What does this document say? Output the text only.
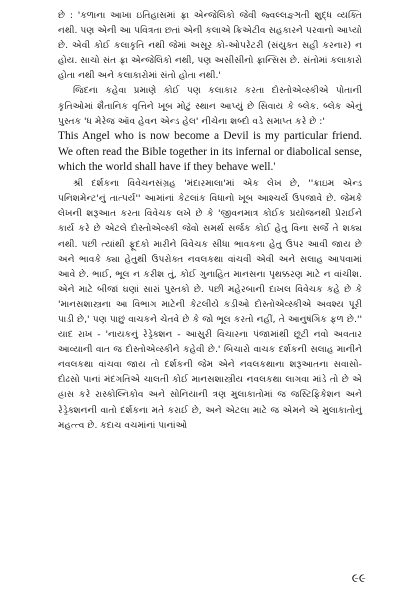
છે : 'કળાના આખા ઇતિહાસમાં ફ્રા એન્જેલિકો જેવી જ્વલ્લજ્ઞ્ઞતી શુદ્ધ વ્યક્તિ નથી. પણ એની આ પવિત્રતા છતાં એની કલાએ ક્રિએટીવ સહકારને પરવાનો આપ્યો છે. એવી કોઈ કલાકૃતિ નથી જેમાં અસૂર કો-ઓપરેટરી (સંયુક્ત સહી કરનાર) ન હોય. સાચો સંત ફ્રા એન્જેલિકો નથી, પણ અસીસીનો ફ્રાન્સિસ છે. સંતોમાં કલાકારો હોતા નથી અને કલાકારોમાં સંતો હોતા નથી.'

જિદના કહેવા પ્રમાણે કોઈ પણ કલાકાર કરતા દોસ્તોએવ્સ્કીએ પોતાની કૃતિઓમાં શૈતાનિક વૃત્તિને ખૂબ મોટું સ્થાન આપ્યું છે સિવાય કે બ્લેક. બ્લેક એનું પુસ્તક 'ધ મેરેજ ઑવ હેવન એન્ડ હેલ' નીચેના શબ્દો વડે સમાપ્ત કરે છે :'

This Angel who is now become a Devil is my particular friend. We often read the Bible together in its infernal or diabolical sense, which the world shall have if they behave well.'

શ્રી દર્શકના વિવેચનસંગ્રહ 'મંદારમાલા'માં એક લેખ છે, ''ક્રાઇમ એન્ડ પનિશમેન્ટ'નું તાત્પર્ય'' આમાંનાં કેટલાંક વિધાનો ખૂબ આશ્ચર્ય ઉપજાવે છે. જેમકે લેખની શરૂઆત કરતા વિવેચક લખે છે કે 'જીવનમાત્ર કોઈક પ્રયોજનથી પ્રેરાઈને કાર્ય કરે છે એટલે દોસ્તોએવ્સ્કી જેવો સમર્થ સર્જક કોઈ હેતુ વિના સર્જે તે શક્ય નથી. પછી ત્યાંથી ફૂદકો મારીને વિવેચક સીધા ભાવકના હેતુ ઉપર આવી જાય છે અને ભાવકે ક્યા હેતુથી ઉપરોક્ત નવલકથા વાંચવી એવી અને સલાહ આપવામાં આવે છે. ભાઈ, ભૂલ ન કરીશ તું, કોઈ ગુનાહિત માનસના પૃથક્કરણ માટે ન વાંચીશ. એને માટે બીજાં ઘણાં સારાં પુસ્તકો છે. પછી મહેરબાની દાખલ વિવેચક કહે છે કે 'માનસશાસ્ત્રના આ વિભાગ માટેની કેટલીયે કડીઓ દોસ્તોએવ્સ્કીએ અવશ્ય પૂરી પાડી છે,' પણ પાછું વાચકને ચેતવે છે કે જો ભૂલ કરતો નહીં, તે આનુષંગિક ફળ છે.'' યાદ રાખ - 'નાયકનું રેડ્રેક્શન - આસુરી વિચારના પંજામાંથી છૂટી નવો અવતાર આવ્યાની વાત જ દોસ્તોએવ્સ્કીને કહેવી છે.' બિચારો વાચક દર્શકની સલાહ માનીને નવલકથા વાંચવા જાય તો દર્શકની જેમ એને નવલકથાના શરૂઆતના સવાસો-દોઢસો પાનાં મંદગતિએ ચાલતી કોઈ માનસશાસ્ત્રીય નવલકથા લાગવા માંડે તો છે એ હ્રાસ કરે રાસ્કોલ્નિકોવ અને સોનિયાની ત્રણ મુલાકાતોમાં જ જસ્ટિફિકેશન અને રેડ્રેક્શનની વાતો દર્શકના મતે કરાઈ છે, અને એટલા માટે જ એમને એ મુલાકાતોનું મહત્ત્વ છે. કદાચ વચમાંનાં પાનાંઓ

૯૯
